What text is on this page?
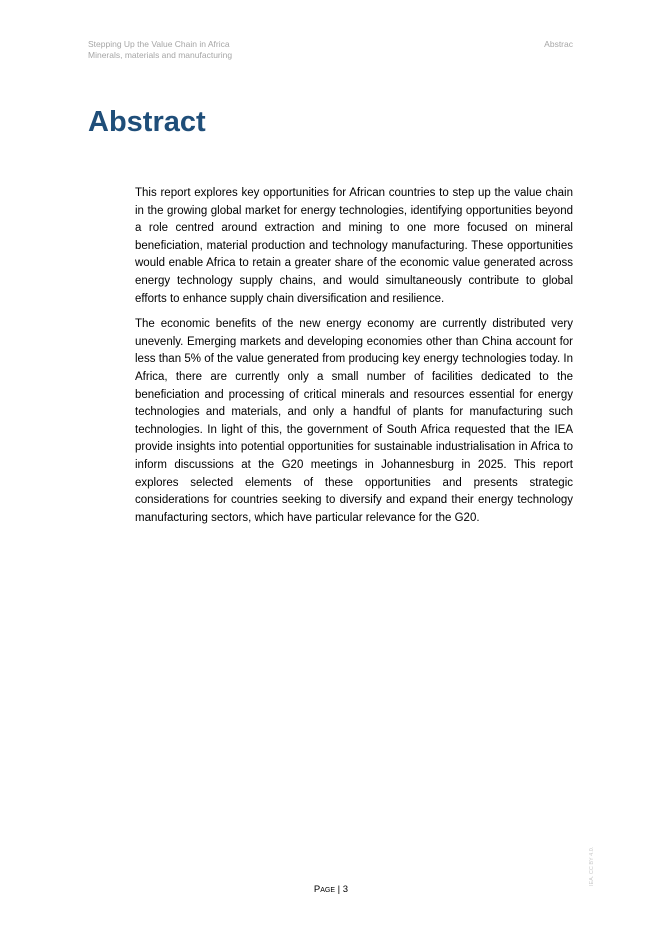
Stepping Up the Value Chain in Africa
Minerals, materials and manufacturing
Abstrac
Abstract

This report explores key opportunities for African countries to step up the value chain in the growing global market for energy technologies, identifying opportunities beyond a role centred around extraction and mining to one more focused on mineral beneficiation, material production and technology manufacturing. These opportunities would enable Africa to retain a greater share of the economic value generated across energy technology supply chains, and would simultaneously contribute to global efforts to enhance supply chain diversification and resilience.

The economic benefits of the new energy economy are currently distributed very unevenly. Emerging markets and developing economies other than China account for less than 5% of the value generated from producing key energy technologies today. In Africa, there are currently only a small number of facilities dedicated to the beneficiation and processing of critical minerals and resources essential for energy technologies and materials, and only a handful of plants for manufacturing such technologies. In light of this, the government of South Africa requested that the IEA provide insights into potential opportunities for sustainable industrialisation in Africa to inform discussions at the G20 meetings in Johannesburg in 2025. This report explores selected elements of these opportunities and presents strategic considerations for countries seeking to diversify and expand their energy technology manufacturing sectors, which have particular relevance for the G20.

Page | 3
IEA. CC BY 4.0.
